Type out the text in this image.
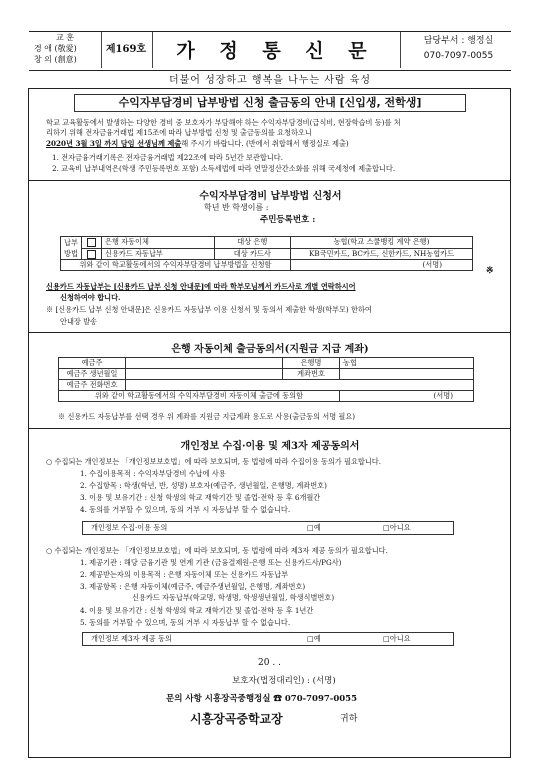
교 훈
경 애 (敬愛)
창 의 (創意)
제169호	가 정 통 신 문	담당부서 : 행정실
070-7097-0055
더불어 성장하고 행복을 나누는 사람 육성
수익자부담경비 납부방법 신청 출금동의 안내 [신입생, 전학생]
학교 교육활동에서 발생하는 다양한 경비 중 보호자가 부담해야 하는 수익자부담경비(급식비, 현장학습비 등)를 처
리하기 위해 전자금융거래법 제15조에 따라 납부방법 신청 및 출금동의를 요청하오니
2020년 3월 3일 까지 담임 선생님께 제출해 주시기 바랍니다. (반에서 취합해서 행정실로 제출)
1. 전자금융거래기록은 전자금융거래법 제22조에 따라 5년간 보관합니다.
2. 교육비 납부내역은(학생 주민등록번호 포함) 소득세법에 따라 연말정산간소화를 위해 국세청에 제출합니다.
수익자부담경비 납부방법 신청서
학년 반 학생이름 :
주민등록번호 :
납부
방법		은행 자동이체	대상 은행	농협(학교 스쿨뱅킹 계약 은행)
		신용카드 자동납부	대상 카드사	KB국민카드, BC카드, 신한카드, NH농협카드
위와 같이 학교활동에서의 수익자부담경비 납부방법을 신청함				(서명)
※
신용카드 자동납부는 [신용카드 납부 신청 안내문]에 따라 학부모님께서 카드사로 개별 연락하시어
신청하여야 합니다.
※ [신용카드 납부 신청 안내문]은 신용카드 자동납부 이용 신청서 및 동의서 제출한 학생(학부모) 한하여
안내장 발송
은행 자동이체 출금동의서(지원금 지급 계좌)
예금주		은행명	농협
예금주 생년월일		계좌번호	
예금주 전화번호			
위와 같이 학교활동에서의 수익자부담경비 자동이체 출금에 동의함			(서명)
※ 신용카드 자동납부를 선택 경우 위 계좌를 지원금 지급계좌 용도로 사용(출금동의 서명 필요)
개인정보 수집·이용 및 제3자 제공동의서
○ 수집되는 개인정보는 「개인정보보호법」에 따라 보호되며, 동 법령에 따라 수집이용 동의가 필요합니다.
1. 수집이용목적 : 수익자부담경비 수납에 사용
2. 수집항목 : 학생(학년, 반, 성명) 보호자(예금주, 생년월일, 은행명, 계좌번호)
3. 이용 및 보유기간 : 신청 학생의 학교 재학기간 및 졸업·전학 등 후 6개월간
4. 동의를 거부할 수 있으며, 동의 거부 시 자동납부 할 수 없습니다.
개인정보 수집·이용 동의	□예	□아니요
○ 수집되는 개인정보는 「개인정보보호법」에 따라 보호되며, 동 법령에 따라 제3자 제공 동의가 필요합니다.
1. 제공기관 : 해당 금융기관 및 연계 기관 (금융결제원-은행 또는 신용카드사/PG사)
2. 제공받는자의 이용목적 : 은행 자동이체 또는 신용카드 자동납부
3. 제공항목 : 은행 자동이체(예금주, 예금주생년월일, 은행명, 계좌번호)
신용카드 자동납부(학교명, 학생명, 학생생년월일, 학생식별번호)
4. 이용 및 보유기간 : 신청 학생의 학교 재학기간 및 졸업·전학 등 후 1년간
5. 동의를 거부할 수 있으며, 동의 거부 시 자동납부 할 수 없습니다.
개인정보 제3자 제공 동의	□예	□아니요
20 . .
보호자(법정대리인) : (서명)
문의 사항 시흥장곡중행정실 ☎ 070-7097-0055
시흥장곡중학교장	귀하
